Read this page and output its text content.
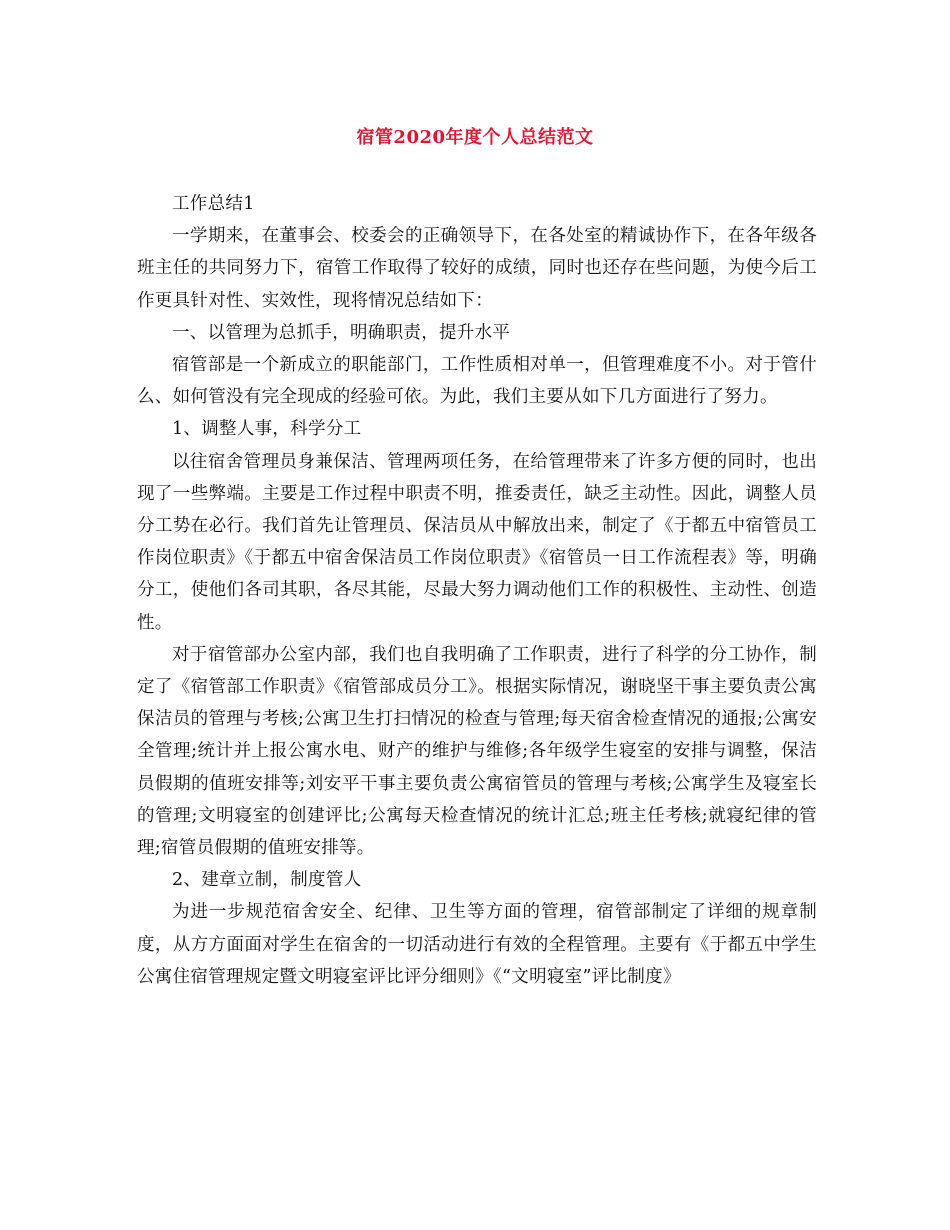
宿管2020年度个人总结范文

工作总结1

一学期来，在董事会、校委会的正确领导下，在各处室的精诚协作下，在各年级各班主任的共同努力下，宿管工作取得了较好的成绩，同时也还存在些问题，为使今后工作更具针对性、实效性，现将情况总结如下：

一、以管理为总抓手，明确职责，提升水平

宿管部是一个新成立的职能部门，工作性质相对单一，但管理难度不小。对于管什么、如何管没有完全现成的经验可依。为此，我们主要从如下几方面进行了努力。

1、调整人事，科学分工

以往宿舍管理员身兼保洁、管理两项任务，在给管理带来了许多方便的同时，也出现了一些弊端。主要是工作过程中职责不明，推委责任，缺乏主动性。因此，调整人员分工势在必行。我们首先让管理员、保洁员从中解放出来，制定了《于都五中宿管员工作岗位职责》《于都五中宿舍保洁员工作岗位职责》《宿管员一日工作流程表》等，明确分工，使他们各司其职，各尽其能，尽最大努力调动他们工作的积极性、主动性、创造性。

对于宿管部办公室内部，我们也自我明确了工作职责，进行了科学的分工协作，制定了《宿管部工作职责》《宿管部成员分工》。根据实际情况，谢晓坚干事主要负责公寓保洁员的管理与考核;公寓卫生打扫情况的检查与管理;每天宿舍检查情况的通报;公寓安全管理;统计并上报公寓水电、财产的维护与维修;各年级学生寝室的安排与调整，保洁员假期的值班安排等;刘安平干事主要负责公寓宿管员的管理与考核;公寓学生及寝室长的管理;文明寝室的创建评比;公寓每天检查情况的统计汇总;班主任考核;就寝纪律的管理;宿管员假期的值班安排等。

2、建章立制，制度管人

为进一步规范宿舍安全、纪律、卫生等方面的管理，宿管部制定了详细的规章制度，从方方面面对学生在宿舍的一切活动进行有效的全程管理。主要有《于都五中学生公寓住宿管理规定暨文明寝室评比评分细则》《“文明寝室”评比制度》
